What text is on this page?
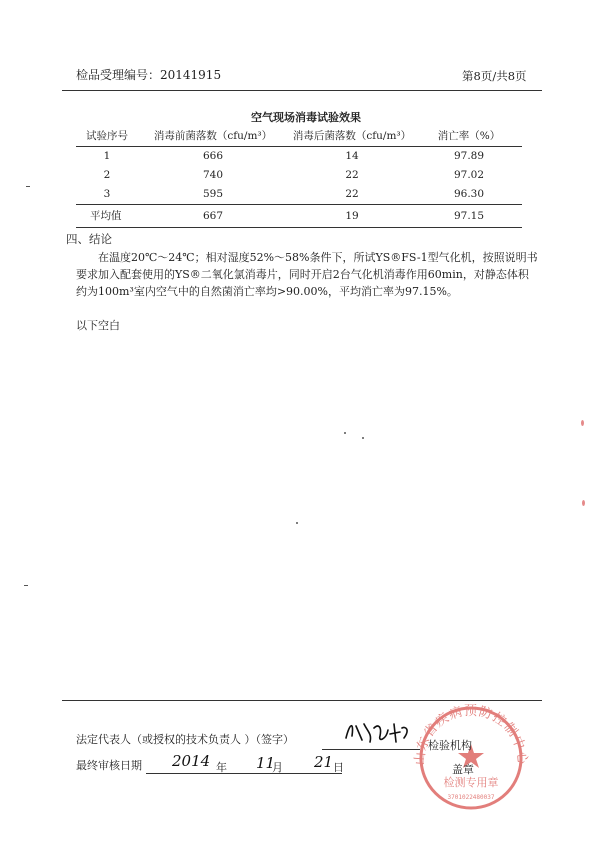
检品受理编号：20141915	第8页/共8页
空气现场消毒试验效果
试验序号	消毒前菌落数（cfu/m³）	消毒后菌落数（cfu/m³）	消亡率（%）
1	666	14	97.89
2	740	22	97.02
3	595	22	96.30
平均值	667	19	97.15
四、结论
在温度20℃～24℃；相对湿度52%～58%条件下，所试YS®FS-1型气化机，按照说明书要求加入配套使用的YS®二氧化氯消毒片，同时开启2台气化机消毒作用60min，对静态体积约为100m³室内空气中的自然菌消亡率均>90.00%，平均消亡率为97.15%。
以下空白
法定代表人（或授权的技术负责人 ）（签字）
最终审核日期 2014 年 11
月 21 日
山东省疾病预防控制中心
检测专用章
3701022480037
检验机构
盖章
